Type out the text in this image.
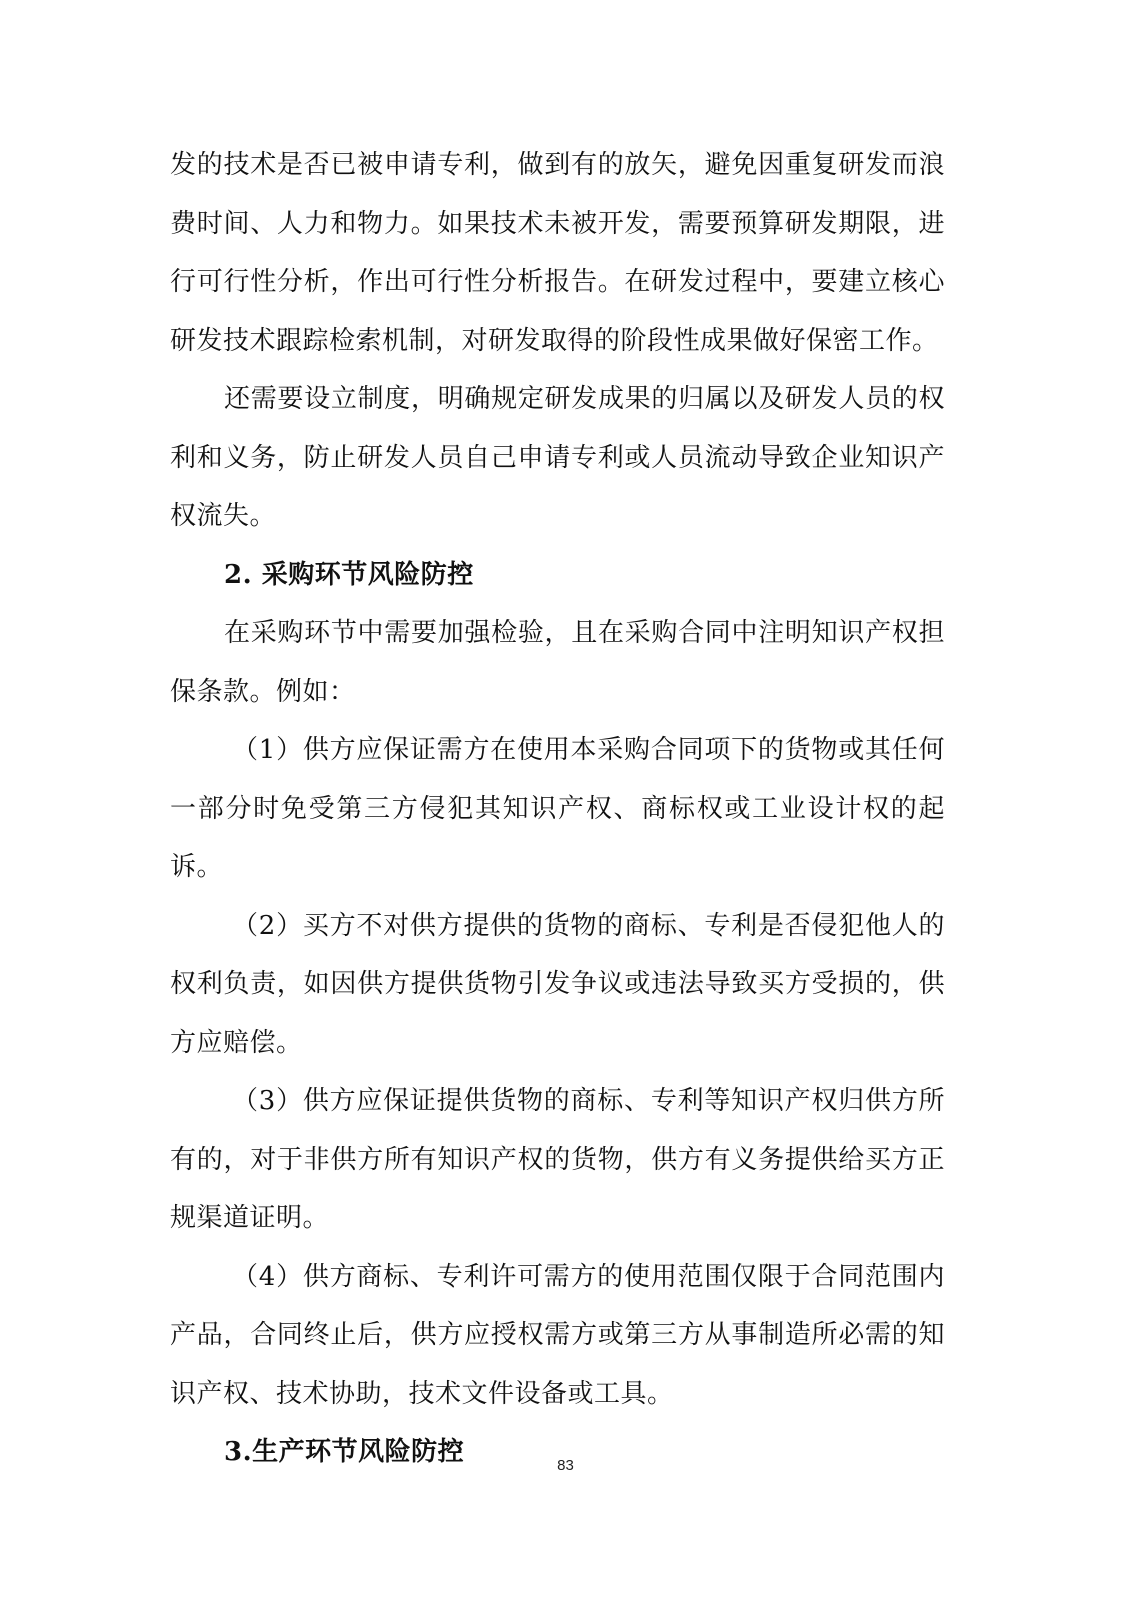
发的技术是否已被申请专利，做到有的放矢，避免因重复研发而浪费时间、人力和物力。如果技术未被开发，需要预算研发期限，进行可行性分析，作出可行性分析报告。在研发过程中，要建立核心研发技术跟踪检索机制，对研发取得的阶段性成果做好保密工作。

还需要设立制度，明确规定研发成果的归属以及研发人员的权利和义务，防止研发人员自己申请专利或人员流动导致企业知识产权流失。

2. 采购环节风险防控

在采购环节中需要加强检验，且在采购合同中注明知识产权担保条款。例如：

（1）供方应保证需方在使用本采购合同项下的货物或其任何一部分时免受第三方侵犯其知识产权、商标权或工业设计权的起诉。

（2）买方不对供方提供的货物的商标、专利是否侵犯他人的权利负责，如因供方提供货物引发争议或违法导致买方受损的，供方应赔偿。

（3）供方应保证提供货物的商标、专利等知识产权归供方所有的，对于非供方所有知识产权的货物，供方有义务提供给买方正规渠道证明。

（4）供方商标、专利许可需方的使用范围仅限于合同范围内产品，合同终止后，供方应授权需方或第三方从事制造所必需的知识产权、技术协助，技术文件设备或工具。

3.生产环节风险防控	83
